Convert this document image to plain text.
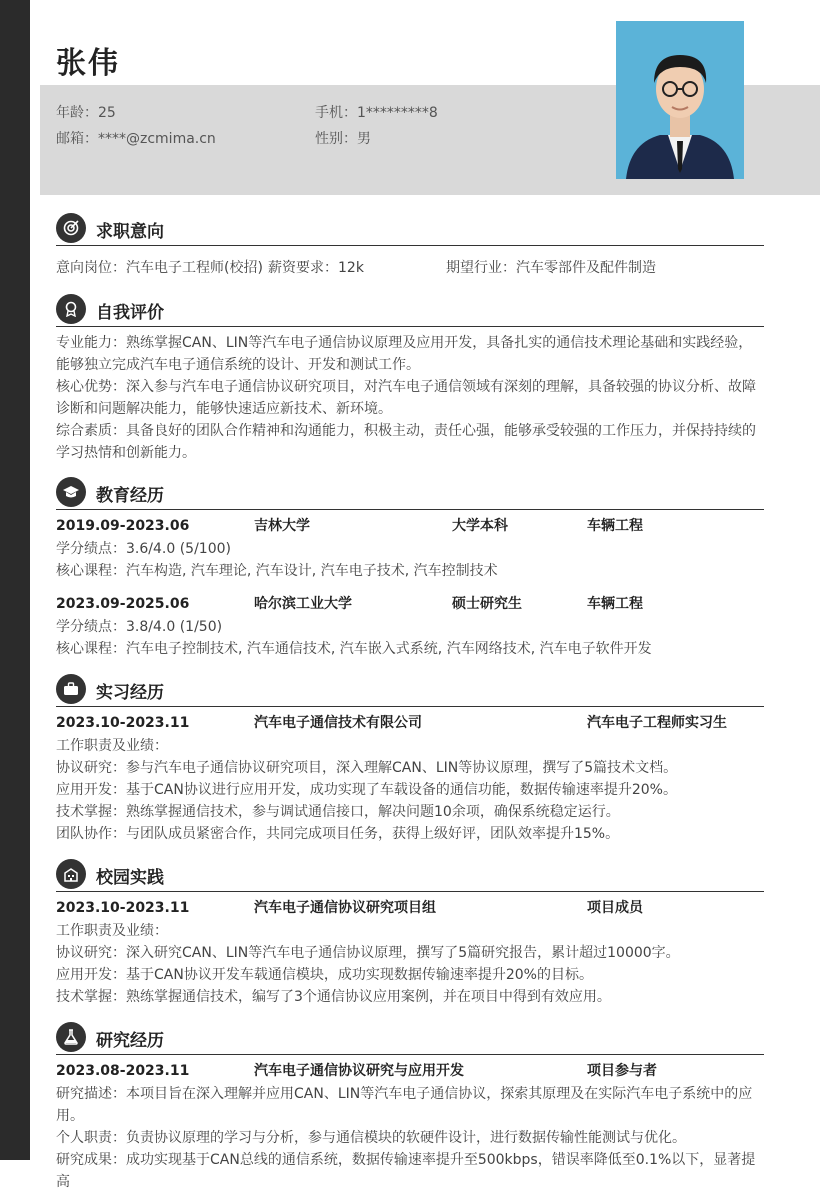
张伟
年龄：25	手机：1*********8
邮箱：****@zcmima.cn	性别：男
求职意向
意向岗位：汽车电子工程师(校招) 薪资要求：12k	期望行业：汽车零部件及配件制造
自我评价
专业能力：熟练掌握CAN、LIN等汽车电子通信协议原理及应用开发，具备扎实的通信技术理论基础和实践经验，
能够独立完成汽车电子通信系统的设计、开发和测试工作。
核心优势：深入参与汽车电子通信协议研究项目，对汽车电子通信领域有深刻的理解，具备较强的协议分析、故障
诊断和问题解决能力，能够快速适应新技术、新环境。
综合素质：具备良好的团队合作精神和沟通能力，积极主动，责任心强，能够承受较强的工作压力，并保持持续的
学习热情和创新能力。
教育经历
2019.09-2023.06	吉林大学	大学本科	车辆工程
学分绩点：3.6/4.0 (5/100)
核心课程：汽车构造, 汽车理论, 汽车设计, 汽车电子技术, 汽车控制技术
2023.09-2025.06	哈尔滨工业大学	硕士研究生	车辆工程
学分绩点：3.8/4.0 (1/50)
核心课程：汽车电子控制技术, 汽车通信技术, 汽车嵌入式系统, 汽车网络技术, 汽车电子软件开发
实习经历
2023.10-2023.11	汽车电子通信技术有限公司	汽车电子工程师实习生
工作职责及业绩：
协议研究：参与汽车电子通信协议研究项目，深入理解CAN、LIN等协议原理，撰写了5篇技术文档。
应用开发：基于CAN协议进行应用开发，成功实现了车载设备的通信功能，数据传输速率提升20%。
技术掌握：熟练掌握通信技术，参与调试通信接口，解决问题10余项，确保系统稳定运行。
团队协作：与团队成员紧密合作，共同完成项目任务，获得上级好评，团队效率提升15%。
校园实践
2023.10-2023.11	汽车电子通信协议研究项目组	项目成员
工作职责及业绩：
协议研究：深入研究CAN、LIN等汽车电子通信协议原理，撰写了5篇研究报告，累计超过10000字。
应用开发：基于CAN协议开发车载通信模块，成功实现数据传输速率提升20%的目标。
技术掌握：熟练掌握通信技术，编写了3个通信协议应用案例，并在项目中得到有效应用。
研究经历
2023.08-2023.11	汽车电子通信协议研究与应用开发	项目参与者
研究描述：本项目旨在深入理解并应用CAN、LIN等汽车电子通信协议，探索其原理及在实际汽车电子系统中的应
用。
个人职责：负责协议原理的学习与分析，参与通信模块的软硬件设计，进行数据传输性能测试与优化。
研究成果：成功实现基于CAN总线的通信系统，数据传输速率提升至500kbps，错误率降低至0.1%以下，显著提高
